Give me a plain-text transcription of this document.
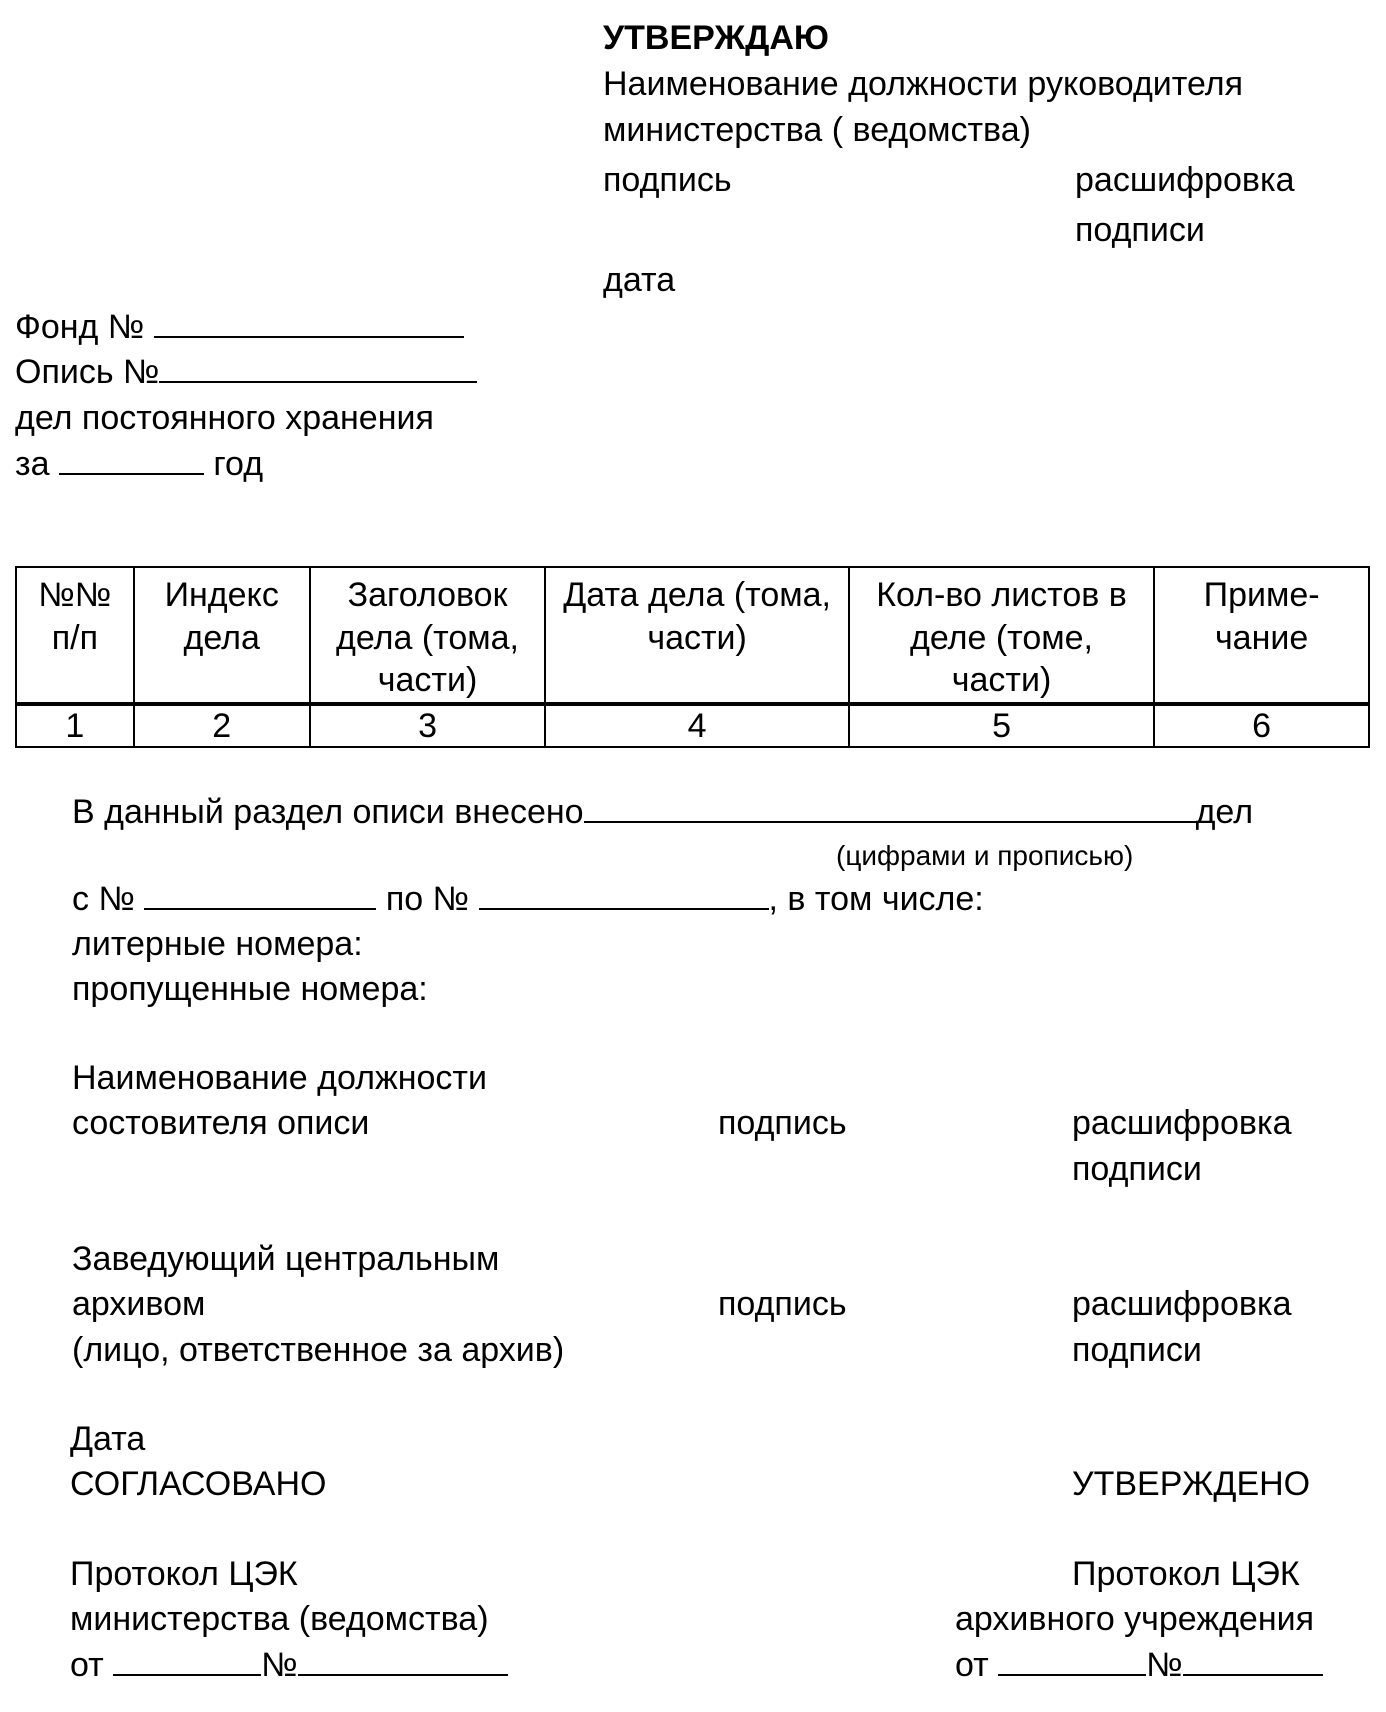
УТВЕРЖДАЮ
Наименование должности руководителя
министерства ( ведомства)
подпись	расшифровка
подписи
дата
Фонд №
Опись №
дел постоянного хранения
за	год
№№ п/п	Индекс дела	Заголовок дела (тома, части)	Дата дела (тома, части)	Кол-во листов в деле (томе, части)	Приме- чание
1	2	3	4	5	6
В данный раздел описи внесено	дел
(цифрами и прописью)
с №	по №	, в том числе:
литерные номера:
пропущенные номера:
Наименование должности
состовителя описи	подпись	расшифровка
подписи
Заведующий центральным
архивом	подпись	расшифровка
(лицо, ответственное за архив)	подписи
Дата
СОГЛАСОВАНО	УТВЕРЖДЕНО
Протокол ЦЭК
министерства (ведомства)
от	№
Протокол ЦЭК
архивного учреждения
от	№
